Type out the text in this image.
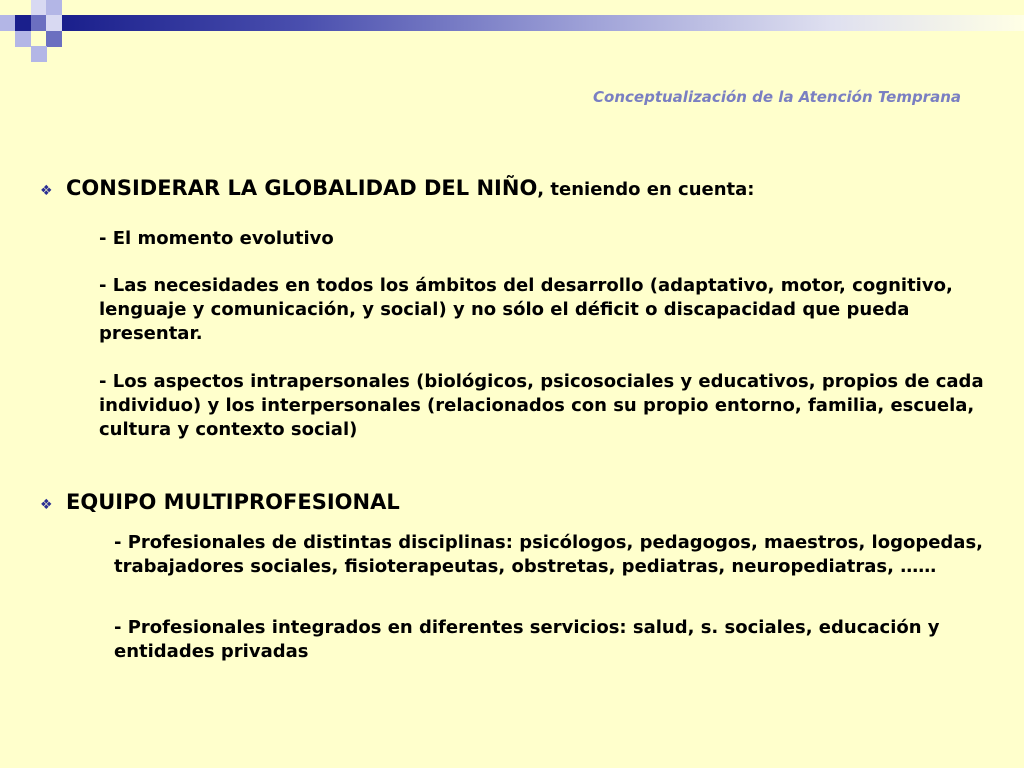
Conceptualización de la Atención Temprana
❖ CONSIDERAR LA GLOBALIDAD DEL NIÑO, teniendo en cuenta:

- El momento evolutivo

- Las necesidades en todos los ámbitos del desarrollo (adaptativo, motor, cognitivo, lenguaje y comunicación, y social) y no sólo el déficit o discapacidad que pueda presentar.

- Los aspectos intrapersonales (biológicos, psicosociales y educativos, propios de cada individuo) y los interpersonales (relacionados con su propio entorno, familia, escuela, cultura y contexto social)

❖ EQUIPO MULTIPROFESIONAL

- Profesionales de distintas disciplinas: psicólogos, pedagogos, maestros, logopedas, trabajadores sociales, fisioterapeutas, obstretas, pediatras, neuropediatras, ……

- Profesionales integrados en diferentes servicios: salud, s. sociales, educación y entidades privadas
